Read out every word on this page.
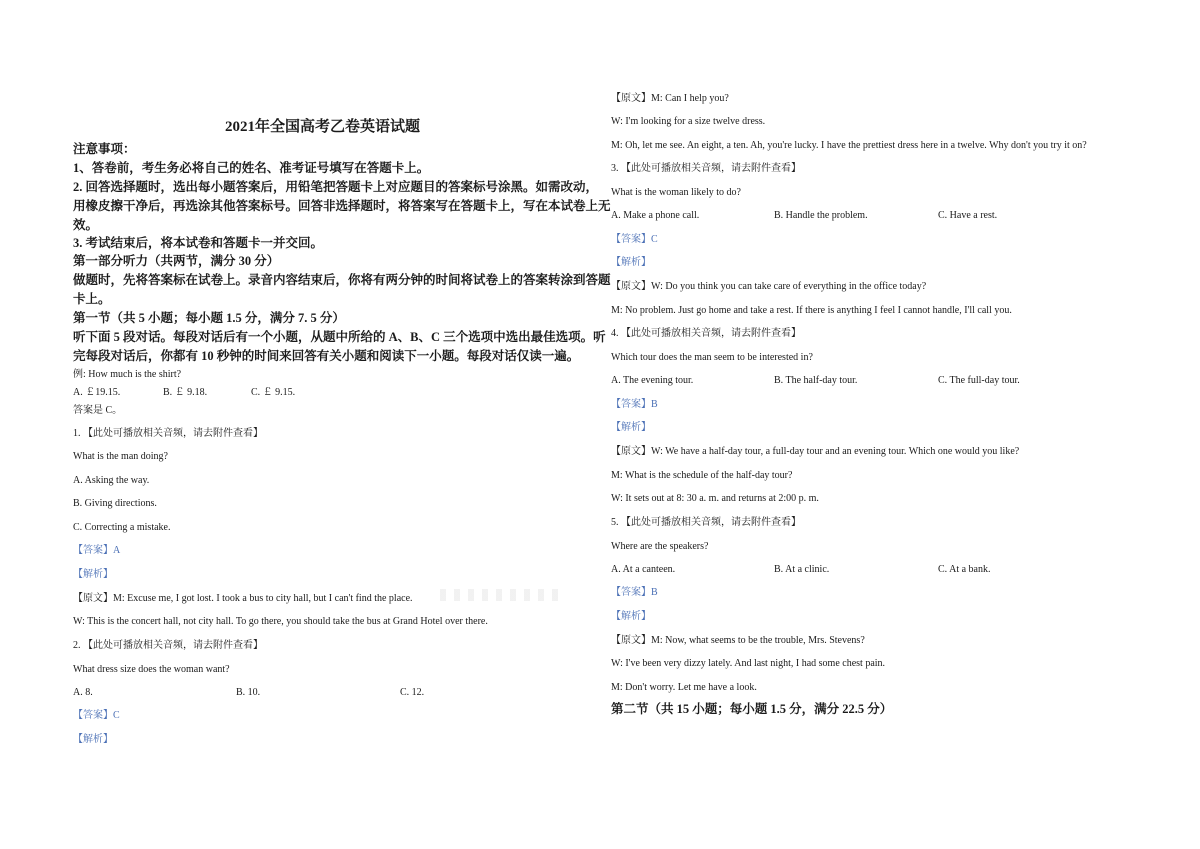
2021年全国高考乙卷英语试题
注意事项：
1、答卷前，考生务必将自己的姓名、准考证号填写在答题卡上。
2. 回答选择题时，选出每小题答案后，用铅笔把答题卡上对应题目的答案标号涂黑。如需改动，
用橡皮擦干净后，再选涂其他答案标号。回答非选择题时，将答案写在答题卡上，写在本试卷上无
效。
3. 考试结束后，将本试卷和答题卡一并交回。
第一部分听力（共两节，满分 30 分）
做题时，先将答案标在试卷上。录音内容结束后，你将有两分钟的时间将试卷上的答案转涂到答题
卡上。
第一节（共 5 小题；每小题 1.5 分，满分 7. 5 分）
听下面 5 段对话。每段对话后有一个小题，从题中所给的 A、B、C 三个选项中选出最佳选项。听
完每段对话后，你都有 10 秒钟的时间来回答有关小题和阅读下一小题。每段对话仅读一遍。
例: How much is the shirt?
A. ￡19.15.	B. ￡ 9.18.	C. ￡ 9.15.
答案是 C。
1. 【此处可播放相关音频，请去附件查看】
What is the man doing?
A. Asking the way.
B. Giving directions.
C. Correcting a mistake.
【答案】A
【解析】
【原文】M: Excuse me, I got lost. I took a bus to city hall, but I can't find the place.
W: This is the concert hall, not city hall. To go there, you should take the bus at Grand Hotel over there.
2. 【此处可播放相关音频，请去附件查看】
What dress size does the woman want?
A. 8.	B. 10.	C. 12.
【答案】C
【解析】
【原文】M: Can I help you?
W: I'm looking for a size twelve dress.
M: Oh, let me see. An eight, a ten. Ah, you're lucky. I have the prettiest dress here in a twelve. Why don't you try it on?
3. 【此处可播放相关音频，请去附件查看】
What is the woman likely to do?
A. Make a phone call.	B. Handle the problem.	C. Have a rest.
【答案】C
【解析】
【原文】W: Do you think you can take care of everything in the office today?
M: No problem. Just go home and take a rest. If there is anything I feel I cannot handle, I'll call you.
4. 【此处可播放相关音频，请去附件查看】
Which tour does the man seem to be interested in?
A. The evening tour.	B. The half-day tour.	C. The full-day tour.
【答案】B
【解析】
【原文】W: We have a half-day tour, a full-day tour and an evening tour. Which one would you like?
M: What is the schedule of the half-day tour?
W: It sets out at 8: 30 a. m. and returns at 2:00 p. m.
5. 【此处可播放相关音频，请去附件查看】
Where are the speakers?
A. At a canteen.	B. At a clinic.	C. At a bank.
【答案】B
【解析】
【原文】M: Now, what seems to be the trouble, Mrs. Stevens?
W: I've been very dizzy lately. And last night, I had some chest pain.
M: Don't worry. Let me have a look.
第二节（共 15 小题；每小题 1.5 分，满分 22.5 分）
